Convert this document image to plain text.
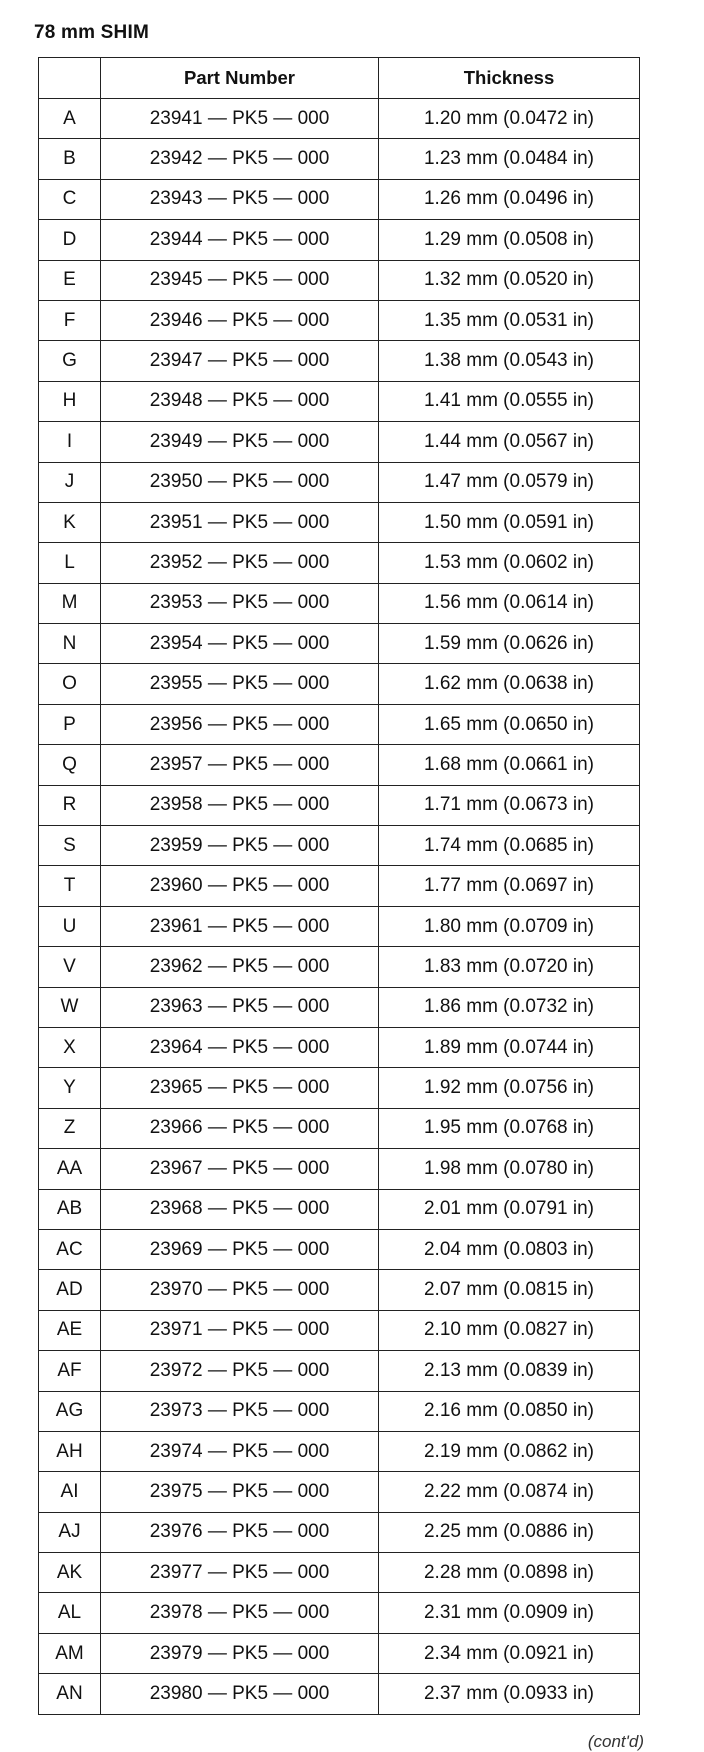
78 mm SHIM
	Part Number	Thickness
A	23941 — PK5 — 000	1.20 mm (0.0472 in)
B	23942 — PK5 — 000	1.23 mm (0.0484 in)
C	23943 — PK5 — 000	1.26 mm (0.0496 in)
D	23944 — PK5 — 000	1.29 mm (0.0508 in)
E	23945 — PK5 — 000	1.32 mm (0.0520 in)
F	23946 — PK5 — 000	1.35 mm (0.0531 in)
G	23947 — PK5 — 000	1.38 mm (0.0543 in)
H	23948 — PK5 — 000	1.41 mm (0.0555 in)
I	23949 — PK5 — 000	1.44 mm (0.0567 in)
J	23950 — PK5 — 000	1.47 mm (0.0579 in)
K	23951 — PK5 — 000	1.50 mm (0.0591 in)
L	23952 — PK5 — 000	1.53 mm (0.0602 in)
M	23953 — PK5 — 000	1.56 mm (0.0614 in)
N	23954 — PK5 — 000	1.59 mm (0.0626 in)
O	23955 — PK5 — 000	1.62 mm (0.0638 in)
P	23956 — PK5 — 000	1.65 mm (0.0650 in)
Q	23957 — PK5 — 000	1.68 mm (0.0661 in)
R	23958 — PK5 — 000	1.71 mm (0.0673 in)
S	23959 — PK5 — 000	1.74 mm (0.0685 in)
T	23960 — PK5 — 000	1.77 mm (0.0697 in)
U	23961 — PK5 — 000	1.80 mm (0.0709 in)
V	23962 — PK5 — 000	1.83 mm (0.0720 in)
W	23963 — PK5 — 000	1.86 mm (0.0732 in)
X	23964 — PK5 — 000	1.89 mm (0.0744 in)
Y	23965 — PK5 — 000	1.92 mm (0.0756 in)
Z	23966 — PK5 — 000	1.95 mm (0.0768 in)
AA	23967 — PK5 — 000	1.98 mm (0.0780 in)
AB	23968 — PK5 — 000	2.01 mm (0.0791 in)
AC	23969 — PK5 — 000	2.04 mm (0.0803 in)
AD	23970 — PK5 — 000	2.07 mm (0.0815 in)
AE	23971 — PK5 — 000	2.10 mm (0.0827 in)
AF	23972 — PK5 — 000	2.13 mm (0.0839 in)
AG	23973 — PK5 — 000	2.16 mm (0.0850 in)
AH	23974 — PK5 — 000	2.19 mm (0.0862 in)
AI	23975 — PK5 — 000	2.22 mm (0.0874 in)
AJ	23976 — PK5 — 000	2.25 mm (0.0886 in)
AK	23977 — PK5 — 000	2.28 mm (0.0898 in)
AL	23978 — PK5 — 000	2.31 mm (0.0909 in)
AM	23979 — PK5 — 000	2.34 mm (0.0921 in)
AN	23980 — PK5 — 000	2.37 mm (0.0933 in)
(cont'd)
